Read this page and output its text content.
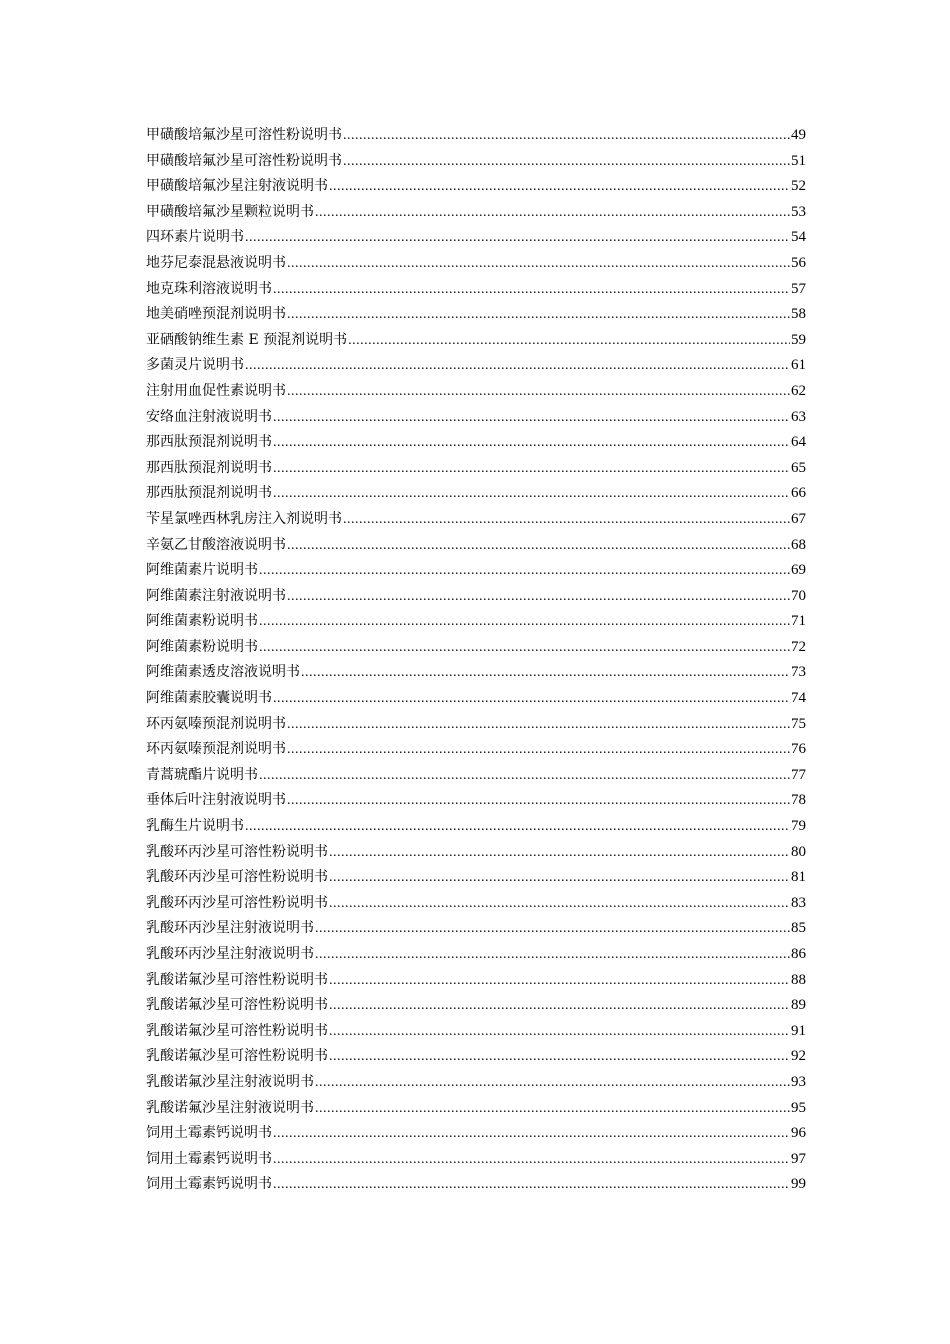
甲磺酸培氟沙星可溶性粉说明书 .....	49
甲磺酸培氟沙星可溶性粉说明书 .....	51
甲磺酸培氟沙星注射液说明书 .....	52
甲磺酸培氟沙星颗粒说明书 .....	53
四环素片说明书 .....	54
地芬尼泰混悬液说明书 .....	56
地克珠利溶液说明书 .....	57
地美硝唑预混剂说明书 .....	58
亚硒酸钠维生素 E 预混剂说明书 .....	59
多菌灵片说明书 .....	61
注射用血促性素说明书 .....	62
安络血注射液说明书 .....	63
那西肽预混剂说明书 .....	64
那西肽预混剂说明书 .....	65
那西肽预混剂说明书 .....	66
苄星氯唑西林乳房注入剂说明书 .....	67
辛氨乙甘酸溶液说明书 .....	68
阿维菌素片说明书 .....	69
阿维菌素注射液说明书 .....	70
阿维菌素粉说明书 .....	71
阿维菌素粉说明书 .....	72
阿维菌素透皮溶液说明书 .....	73
阿维菌素胶囊说明书 .....	74
环丙氨嗪预混剂说明书 .....	75
环丙氨嗪预混剂说明书 .....	76
青蒿琥酯片说明书 .....	77
垂体后叶注射液说明书 .....	78
乳酶生片说明书 .....	79
乳酸环丙沙星可溶性粉说明书 .....	80
乳酸环丙沙星可溶性粉说明书 .....	81
乳酸环丙沙星可溶性粉说明书 .....	83
乳酸环丙沙星注射液说明书 .....	85
乳酸环丙沙星注射液说明书 .....	86
乳酸诺氟沙星可溶性粉说明书 .....	88
乳酸诺氟沙星可溶性粉说明书 .....	89
乳酸诺氟沙星可溶性粉说明书 .....	91
乳酸诺氟沙星可溶性粉说明书 .....	92
乳酸诺氟沙星注射液说明书 .....	93
乳酸诺氟沙星注射液说明书 .....	95
饲用土霉素钙说明书 .....	96
饲用土霉素钙说明书 .....	97
饲用土霉素钙说明书 .....	99
